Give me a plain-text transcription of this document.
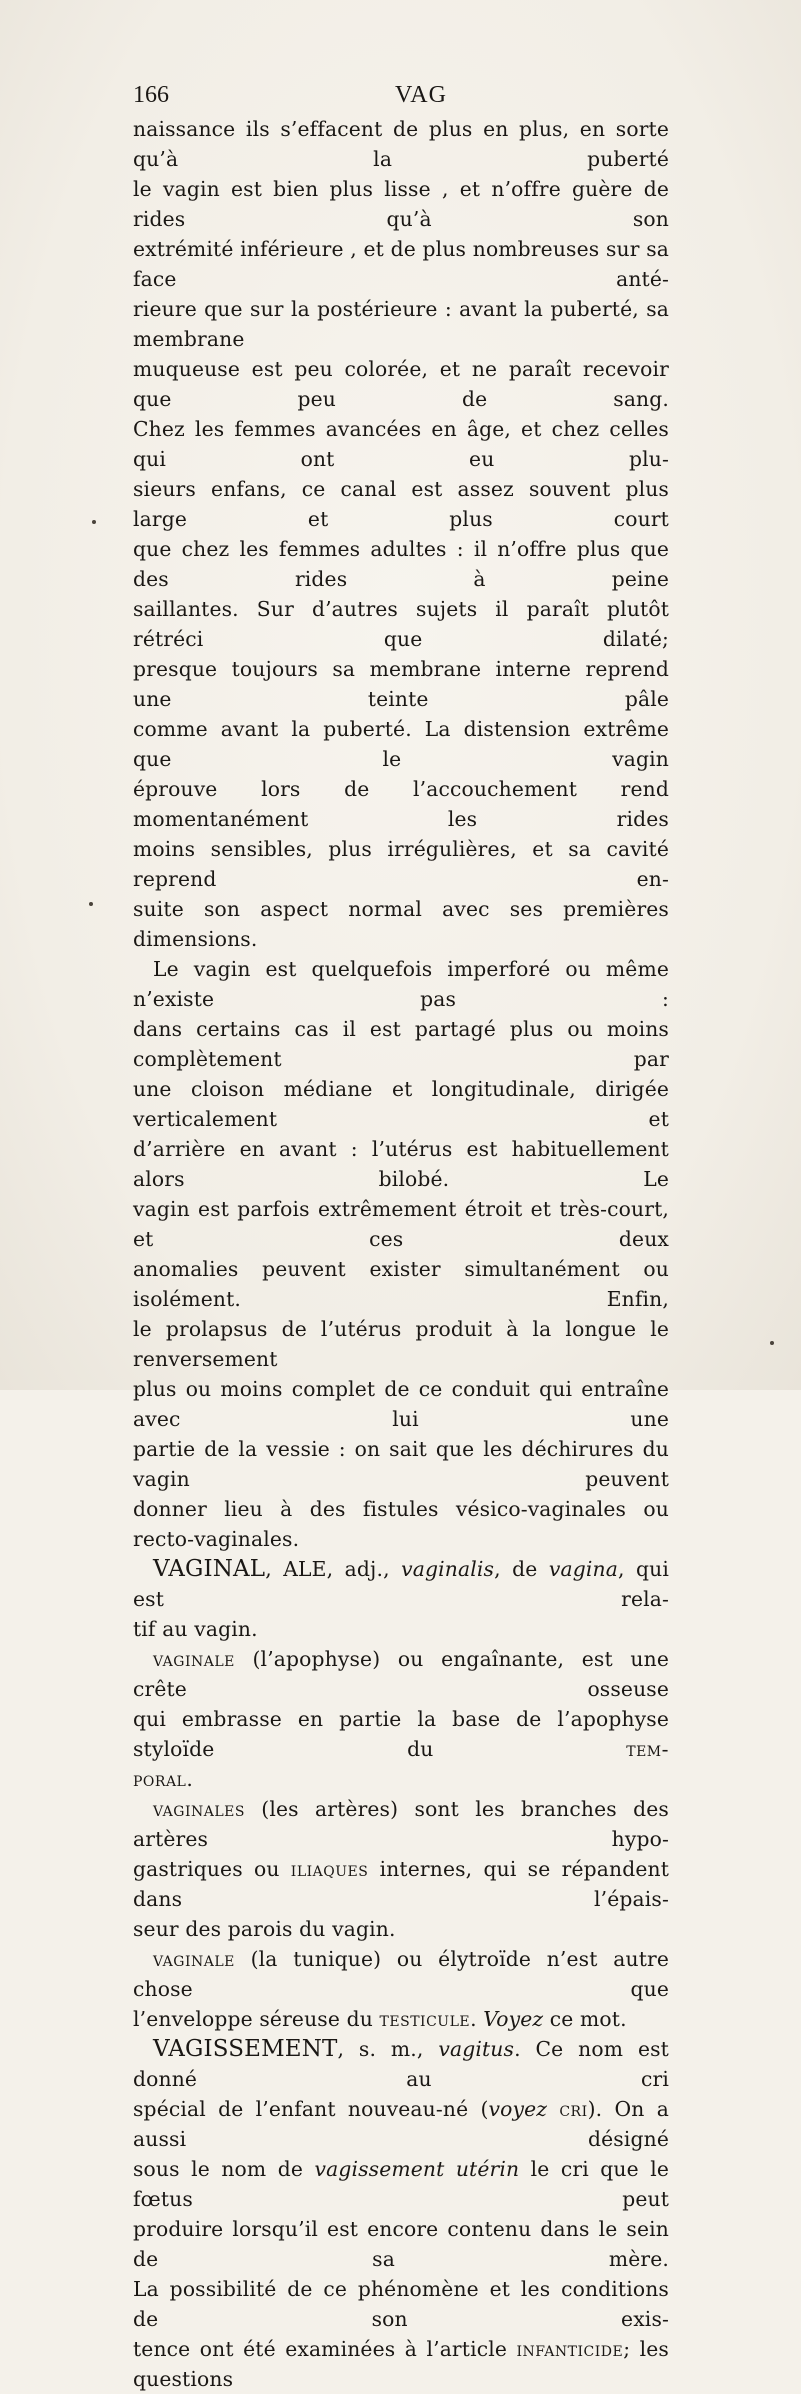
166	VAG

naissance ils s’effacent de plus en plus, en sorte qu’à la puberté

le vagin est bien plus lisse , et n’offre guère de rides qu’à son

extrémité inférieure , et de plus nombreuses sur sa face anté-

rieure que sur la postérieure : avant la puberté, sa membrane

muqueuse est peu colorée, et ne paraît recevoir que peu de sang.

Chez les femmes avancées en âge, et chez celles qui ont eu plu-

sieurs enfans, ce canal est assez souvent plus large et plus court

que chez les femmes adultes : il n’offre plus que des rides à peine

saillantes. Sur d’autres sujets il paraît plutôt rétréci que dilaté;

presque toujours sa membrane interne reprend une teinte pâle

comme avant la puberté. La distension extrême que le vagin

éprouve lors de l’accouchement rend momentanément les rides

moins sensibles, plus irrégulières, et sa cavité reprend en-

suite son aspect normal avec ses premières dimensions.

Le vagin est quelquefois imperforé ou même n’existe pas :

dans certains cas il est partagé plus ou moins complètement par

une cloison médiane et longitudinale, dirigée verticalement et

d’arrière en avant : l’utérus est habituellement alors bilobé. Le

vagin est parfois extrêmement étroit et très-court, et ces deux

anomalies peuvent exister simultanément ou isolément. Enfin,

le prolapsus de l’utérus produit à la longue le renversement

plus ou moins complet de ce conduit qui entraîne avec lui une

partie de la vessie : on sait que les déchirures du vagin peuvent

donner lieu à des fistules vésico-vaginales ou recto-vaginales.

VAGINAL, ALE, adj., vaginalis, de vagina, qui est rela-

tif au vagin.

vaginale (l’apophyse) ou engaînante, est une crête osseuse

qui embrasse en partie la base de l’apophyse styloïde du tem-

poral.

vaginales (les artères) sont les branches des artères hypo-

gastriques ou iliaques internes, qui se répandent dans l’épais-

seur des parois du vagin.

vaginale (la tunique) ou élytroïde n’est autre chose que

l’enveloppe séreuse du testicule. Voyez ce mot.

VAGISSEMENT, s. m., vagitus. Ce nom est donné au cri

spécial de l’enfant nouveau-né (voyez cri). On a aussi désigné

sous le nom de vagissement utérin le cri que le fœtus peut

produire lorsqu’il est encore contenu dans le sein de sa mère.

La possibilité de ce phénomène et les conditions de son exis-

tence ont été examinées à l’article infanticide; les questions
